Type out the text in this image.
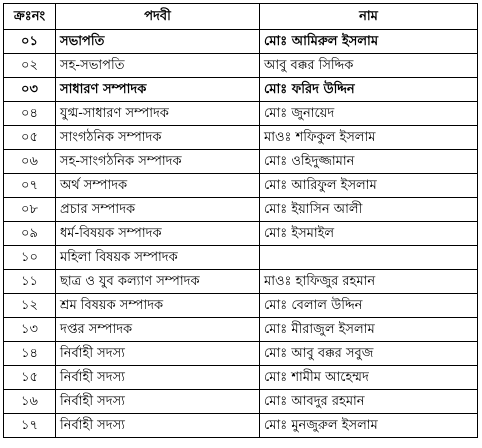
ক্রঃনং	পদবী	নাম
০১	সভাপতি	মোঃ আমিরুল ইসলাম
০২	সহ-সভাপতি	আবু বক্কর সিদ্দিক
০৩	সাধারণ সম্পাদক	মোঃ ফরিদ উদ্দিন
০৪	যুগ্ম-সাধারণ সম্পাদক	মোঃ জুনায়েদ
০৫	সাংগঠনিক সম্পাদক	মাওঃ শফিকুল ইসলাম
০৬	সহ-সাংগঠনিক সম্পাদক	মোঃ ওহিদুজ্জামান
০৭	অর্থ সম্পাদক	মোঃ আরিফুল ইসলাম
০৮	প্রচার সম্পাদক	মোঃ ইয়াসিন আলী
০৯	ধর্ম-বিষয়ক সম্পাদক	মোঃ ইসমাইল
১০	মহিলা বিষয়ক সম্পাদক	
১১	ছাত্র ও যুব কল্যাণ সম্পাদক	মাওঃ হাফিজুর রহমান
১২	শ্রম বিষয়ক সম্পাদক	মোঃ বেলাল উদ্দিন
১৩	দপ্তর সম্পাদক	মোঃ মীরাজুল ইসলাম
১৪	নির্বাহী সদস্য	মোঃ আবু বক্কর সবুজ
১৫	নির্বাহী সদস্য	মোঃ শামীম আহেম্মদ
১৬	নির্বাহী সদস্য	মোঃ আবদুর রহমান
১৭	নির্বাহী সদস্য	মোঃ মুনজুরুল ইসলাম
